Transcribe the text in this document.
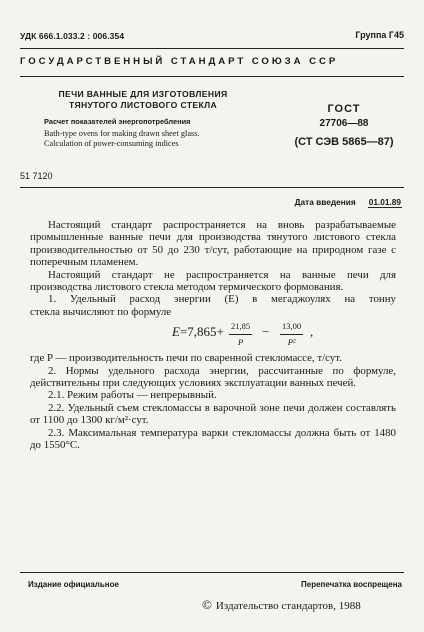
УДК 666.1.033.2 : 006.354	Группа Г45
ГОСУДАРСТВЕННЫЙ СТАНДАРТ СОЮЗА ССР
ПЕЧИ ВАННЫЕ ДЛЯ ИЗГОТОВЛЕНИЯ
ТЯНУТОГО ЛИСТОВОГО СТЕКЛА
Расчет показателей энергопотребления
Bath-type ovens for making drawn sheet glass.
Calculation of power-consuming indices
ГОСТ
27706—88
(СТ СЭВ 5865—87)
51 7120
Дата введения 01.01.89

Настоящий стандарт распространяется на вновь разрабатываемые промышленные ванные печи для производства тянутого листового стекла производительностью от 50 до 230 т/сут, работающие на природном газе с поперечным пламенем.

Настоящий стандарт не распространяется на ванные печи для производства листового стекла методом термического формования.

1. Удельный расход энергии (E) в мегаджоулях на тонну

стекла вычисляют по формуле

$E=7,865+ \frac{21,85}{P} - \frac{13,00}{\text{P²}}$ ,

где P — производительность печи по сваренной стекломассе, т/сут.

2. Нормы удельного расхода энергии, рассчитанные по формуле, действительны при следующих условиях эксплуатации ванных печей.

2.1. Режим работы — непрерывный.

2.2. Удельный съем стекломассы в варочной зоне печи должен составлять от 1100 до 1300 кг/м²·сут.

2.3. Максимальная температура варки стекломассы должна быть от 1480 до 1550°С.

Издание официальное	Перепечатка воспрещена
© Издательство стандартов, 1988
